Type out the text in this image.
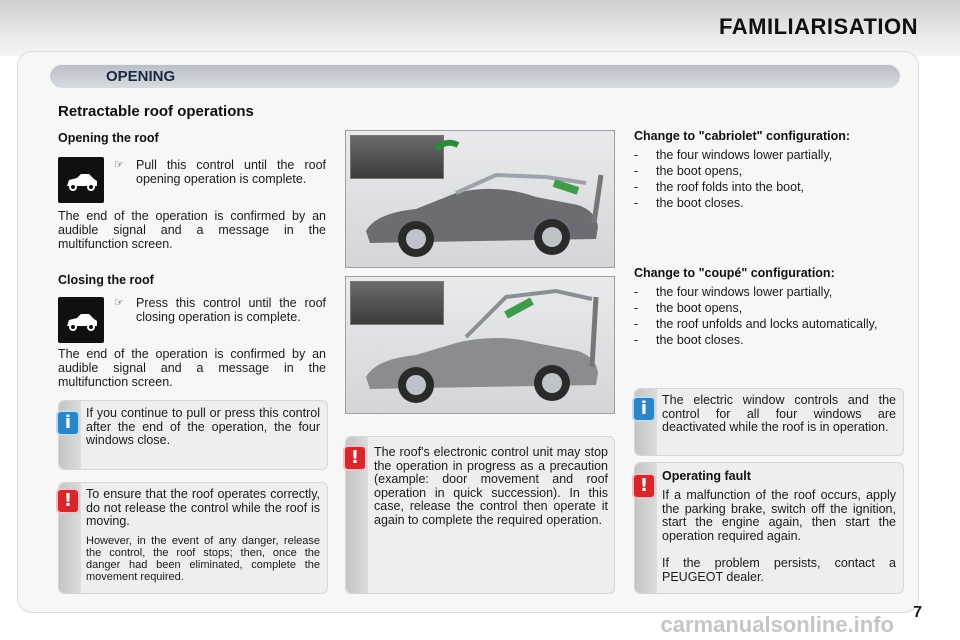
FAMILIARISATION
OPENING
Retractable roof operations
Opening the roof
☞ Pull this control until the roof opening operation is complete.
The end of the operation is confirmed by an audible signal and a message in the multifunction screen.
Closing the roof
☞ Press this control until the roof closing operation is complete.
The end of the operation is confirmed by an audible signal and a message in the multifunction screen.
Change to "cabriolet" configuration:
- the four windows lower partially,
- the boot opens,
- the roof folds into the boot,
- the boot closes.
Change to "coupé" configuration:
- the four windows lower partially,
- the boot opens,
- the roof unfolds and locks automatically,
- the boot closes.
i	If you continue to pull or press this control after the end of the operation, the four windows close.
!	To ensure that the roof operates correctly, do not release the control while the roof is moving.
However, in the event of any danger, release the control, the roof stops; then, once the danger had been eliminated, complete the movement required.
!	The roof's electronic control unit may stop the operation in progress as a precaution (example: door movement and roof operation in quick succession). In this case, release the control then operate it again to complete the required operation.
i	The electric window controls and the control for all four windows are deactivated while the roof is in operation.
!	Operating fault
If a malfunction of the roof occurs, apply the parking brake, switch off the ignition, start the engine again, then start the operation required again.
If the problem persists, contact a PEUGEOT dealer.
carmanualsonline.info 7
